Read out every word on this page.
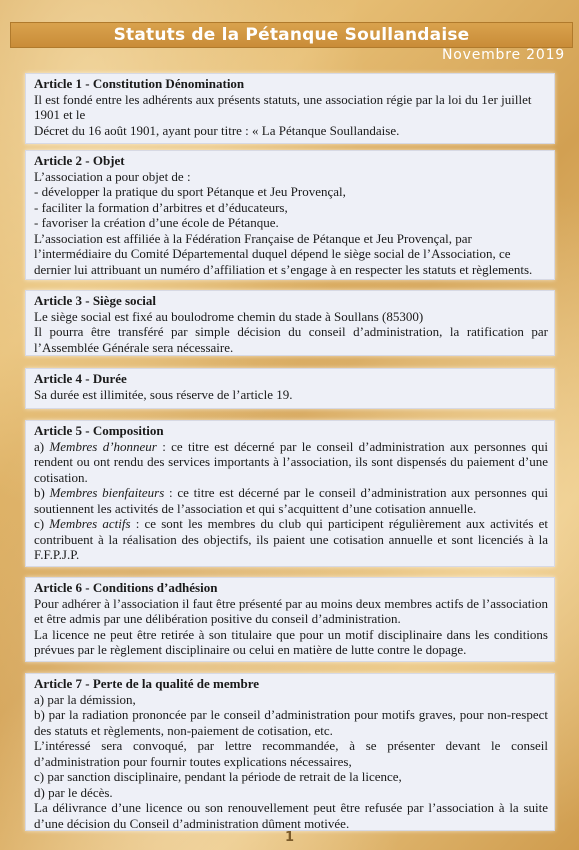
Statuts de la Pétanque Soullandaise
Novembre 2019
Article 1 - Constitution Dénomination

Il est fondé entre les adhérents aux présents statuts, une association régie par la loi du 1er juillet 1901 et le

Décret du 16 août 1901, ayant pour titre : « La Pétanque Soullandaise.

Article 2 - Objet

L’association a pour objet de :

- développer la pratique du sport Pétanque et Jeu Provençal,

- faciliter la formation d’arbitres et d’éducateurs,

- favoriser la création d’une école de Pétanque.

L’association est affiliée à la Fédération Française de Pétanque et Jeu Provençal, par l’intermédiaire du Comité Départemental duquel dépend le siège social de l’Association, ce dernier lui attribuant un numéro d’affiliation et s’engage à en respecter les statuts et règlements.

Article 3 - Siège social

Le siège social est fixé au boulodrome chemin du stade à Soullans (85300)

Il pourra être transféré par simple décision du conseil d’administration, la ratification par l’Assemblée Générale sera nécessaire.

Article 4 - Durée

Sa durée est illimitée, sous réserve de l’article 19.

Article 5 - Composition

a) Membres d’honneur : ce titre est décerné par le conseil d’administration aux personnes qui rendent ou ont rendu des services importants à l’association, ils sont dispensés du paiement d’une cotisation.

b) Membres bienfaiteurs : ce titre est décerné par le conseil d’administration aux personnes qui soutiennent les activités de l’association et qui s’acquittent d’une cotisation annuelle.

c) Membres actifs : ce sont les membres du club qui participent régulièrement aux activités et contribuent à la réalisation des objectifs, ils paient une cotisation annuelle et sont licenciés à la F.F.P.J.P.

Article 6 - Conditions d’adhésion

Pour adhérer à l’association il faut être présenté par au moins deux membres actifs de l’association et être admis par une délibération positive du conseil d’administration.

La licence ne peut être retirée à son titulaire que pour un motif disciplinaire dans les conditions prévues par le règlement disciplinaire ou celui en matière de lutte contre le dopage.

Article 7 - Perte de la qualité de membre

a) par la démission,

b) par la radiation prononcée par le conseil d’administration pour motifs graves, pour non-respect des statuts et règlements, non-paiement de cotisation, etc.

L’intéressé sera convoqué, par lettre recommandée, à se présenter devant le conseil d’administration pour fournir toutes explications nécessaires,

c) par sanction disciplinaire, pendant la période de retrait de la licence,

d) par le décès.

La délivrance d’une licence ou son renouvellement peut être refusée par l’association à la suite d’une décision du Conseil d’administration dûment motivée.

1
